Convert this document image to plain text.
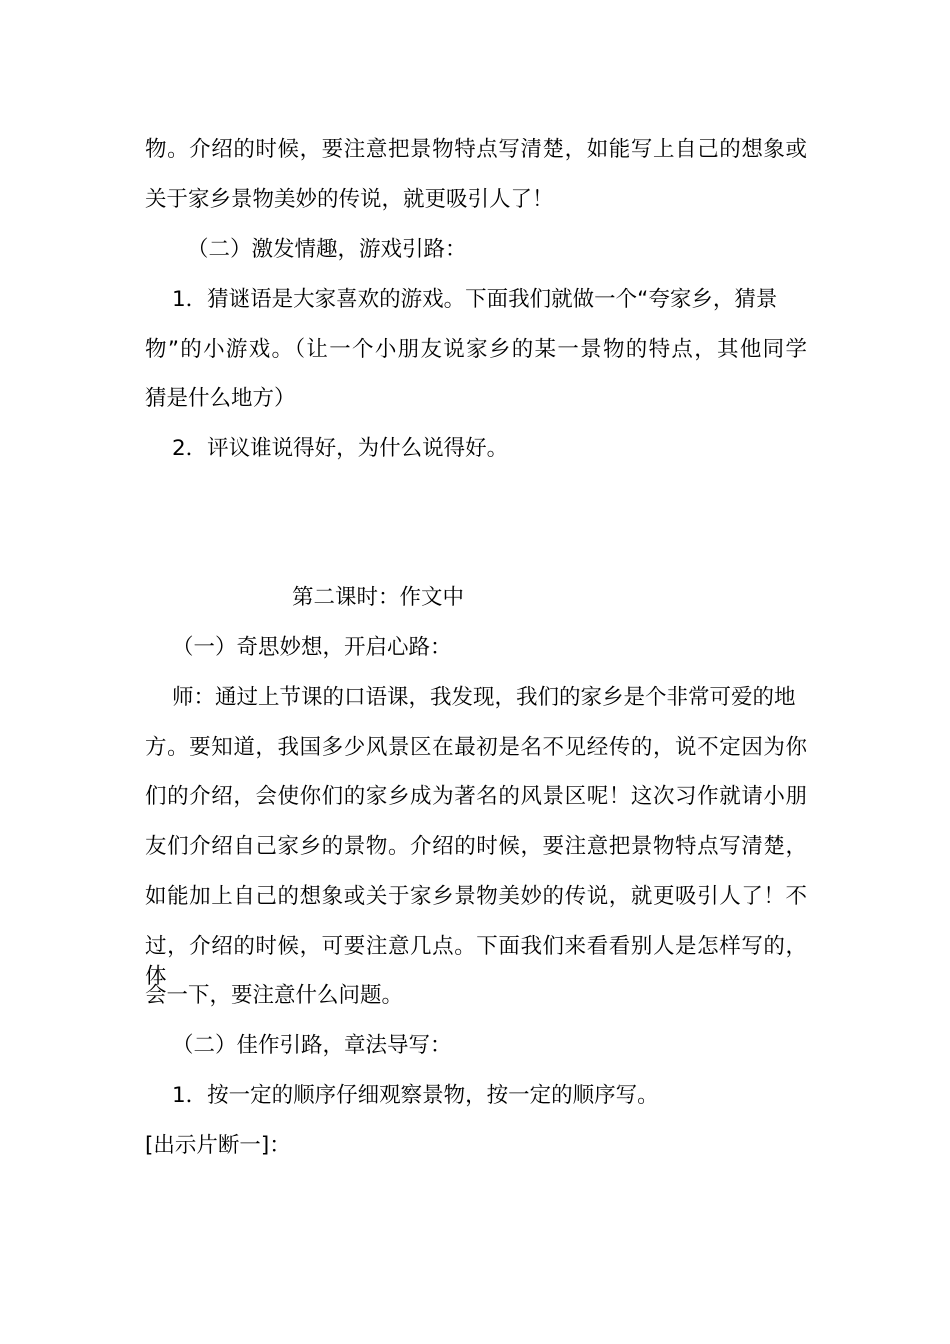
物。介绍的时候，要注意把景物特点写清楚，如能写上自己的想象或

关于家乡景物美妙的传说，就更吸引人了！

（二）激发情趣，游戏引路：

1．猜谜语是大家喜欢的游戏。下面我们就做一个“夸家乡，猜景

物”的小游戏。（让一个小朋友说家乡的某一景物的特点，其他同学

猜是什么地方）

2．评议谁说得好，为什么说得好。

第二课时：作文中

（一）奇思妙想，开启心路：

师：通过上节课的口语课，我发现，我们的家乡是个非常可爱的地

方。要知道，我国多少风景区在最初是名不见经传的，说不定因为你

们的介绍，会使你们的家乡成为著名的风景区呢！这次习作就请小朋

友们介绍自己家乡的景物。介绍的时候，要注意把景物特点写清楚，

如能加上自己的想象或关于家乡景物美妙的传说，就更吸引人了！不

过，介绍的时候，可要注意几点。下面我们来看看别人是怎样写的，体

会一下，要注意什么问题。

（二）佳作引路，章法导写：

1．按一定的顺序仔细观察景物，按一定的顺序写。

[出示片断一]：
